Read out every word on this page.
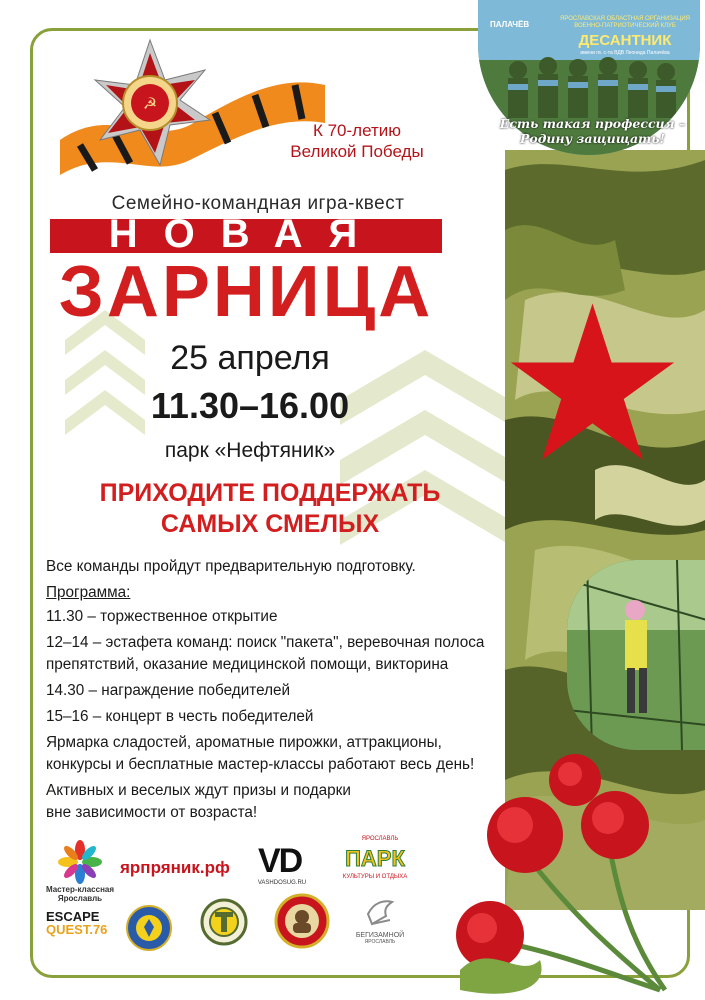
ПАЛАЧЁВ
ЯРОСЛАВСКАЯ ОБЛАСТНАЯ ОРГАНИЗАЦИЯ ВОЕННО-ПАТРИОТИЧЕСКИЙ КЛУБ
ДЕСАНТНИК
имени гв. с-та ВДВ Леонида Палачёва
Есть такая профессия –
Родину защищать!
☭
К 70-летию
Великой Победы
Семейно-командная игра-квест
НОВАЯ
ЗАРНИЦА
25 апреля
11.30–16.00
парк «Нефтяник»
ПРИХОДИТЕ ПОДДЕРЖАТЬ
САМЫХ СМЕЛЫХ

Все команды пройдут предварительную подготовку.

Программа:

11.30 – торжественное открытие

12–14 – эстафета команд: поиск "пакета", веревочная полоса препятствий, оказание медицинской помощи, викторина

14.30 – награждение победителей

15–16 – концерт в честь победителей

Ярмарка сладостей, ароматные пирожки, аттракционы, конкурсы и бесплатные мастер-классы работают весь день!

Активных и веселых ждут призы и подарки
вне зависимости от возраста!

Мастер-классная
Ярославль
ярпряник.рф VD
VASHDOSUG.RU
ЯРОСЛАВЛЬ
ПАРК
КУЛЬТУРЫ И ОТДЫХА
ESCAPE
QUEST.76	БЕГИЗАМНОЙ
ЯРОСЛАВЛЬ
